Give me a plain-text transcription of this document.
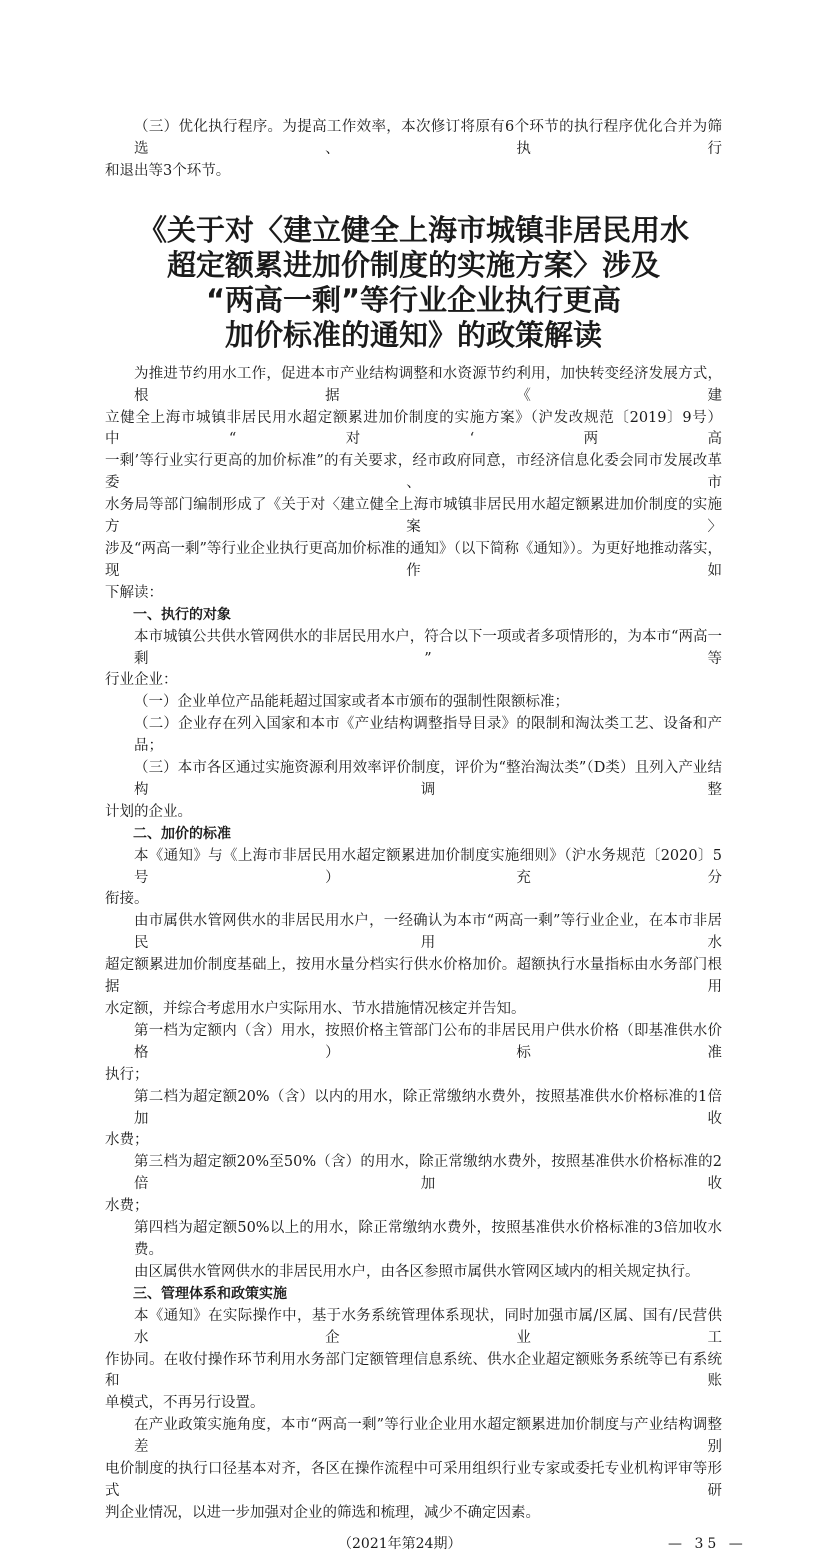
（三）优化执行程序。为提高工作效率，本次修订将原有6个环节的执行程序优化合并为筛选、执行
和退出等3个环节。
《关于对〈建立健全上海市城镇非居民用水
超定额累进加价制度的实施方案〉涉及
“两高一剩”等行业企业执行更高
加价标准的通知》的政策解读
为推进节约用水工作，促进本市产业结构调整和水资源节约利用，加快转变经济发展方式，根据《建
立健全上海市城镇非居民用水超定额累进加价制度的实施方案》（沪发改规范〔2019〕9号）中“对‘两高
一剩’等行业实行更高的加价标准”的有关要求，经市政府同意，市经济信息化委会同市发展改革委、市
水务局等部门编制形成了《关于对〈建立健全上海市城镇非居民用水超定额累进加价制度的实施方案〉
涉及“两高一剩”等行业企业执行更高加价标准的通知》（以下简称《通知》）。为更好地推动落实，现作如
下解读：
一、执行的对象
本市城镇公共供水管网供水的非居民用水户，符合以下一项或者多项情形的，为本市“两高一剩”等
行业企业：
（一）企业单位产品能耗超过国家或者本市颁布的强制性限额标准；
（二）企业存在列入国家和本市《产业结构调整指导目录》的限制和淘汰类工艺、设备和产品；
（三）本市各区通过实施资源利用效率评价制度，评价为“整治淘汰类”（D类）且列入产业结构调整
计划的企业。
二、加价的标准
本《通知》与《上海市非居民用水超定额累进加价制度实施细则》（沪水务规范〔2020〕5号）充分
衔接。
由市属供水管网供水的非居民用水户，一经确认为本市“两高一剩”等行业企业，在本市非居民用水
超定额累进加价制度基础上，按用水量分档实行供水价格加价。超额执行水量指标由水务部门根据用
水定额，并综合考虑用水户实际用水、节水措施情况核定并告知。
第一档为定额内（含）用水，按照价格主管部门公布的非居民用户供水价格（即基准供水价格）标准
执行；
第二档为超定额20%（含）以内的用水，除正常缴纳水费外，按照基准供水价格标准的1倍加收
水费；
第三档为超定额20%至50%（含）的用水，除正常缴纳水费外，按照基准供水价格标准的2倍加收
水费；
第四档为超定额50%以上的用水，除正常缴纳水费外，按照基准供水价格标准的3倍加收水费。
由区属供水管网供水的非居民用水户，由各区参照市属供水管网区域内的相关规定执行。
三、管理体系和政策实施
本《通知》在实际操作中，基于水务系统管理体系现状，同时加强市属/区属、国有/民营供水企业工
作协同。在收付操作环节利用水务部门定额管理信息系统、供水企业超定额账务系统等已有系统和账
单模式，不再另行设置。
在产业政策实施角度，本市“两高一剩”等行业企业用水超定额累进加价制度与产业结构调整差别
电价制度的执行口径基本对齐，各区在操作流程中可采用组织行业专家或委托专业机构评审等形式研
判企业情况，以进一步加强对企业的筛选和梳理，减少不确定因素。
（2021年第24期）	— 35 —
